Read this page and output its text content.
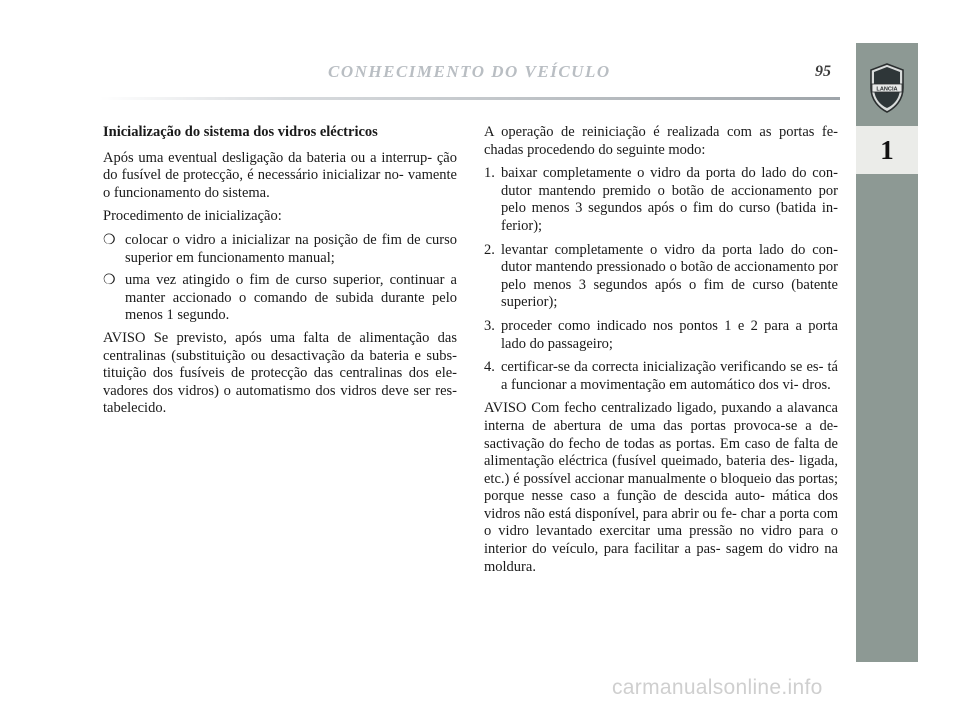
CONHECIMENTO DO VEÍCULO	95
LANCIA
1

Inicialização do sistema dos vidros eléctricos

Após uma eventual desligação da bateria ou a interrup- ção do fusível de protecção, é necessário inicializar no- vamente o funcionamento do sistema.

Procedimento de inicialização:

❍ colocar o vidro a inicializar na posição de fim de curso superior em funcionamento manual;
❍ uma vez atingido o fim de curso superior, continuar a manter accionado o comando de subida durante pelo menos 1 segundo.

AVISO Se previsto, após uma falta de alimentação das centralinas (substituição ou desactivação da bateria e subs- tituição dos fusíveis de protecção das centralinas dos ele- vadores dos vidros) o automatismo dos vidros deve ser res- tabelecido.

A operação de reiniciação é realizada com as portas fe- chadas procedendo do seguinte modo:

1. baixar completamente o vidro da porta do lado do con- dutor mantendo premido o botão de accionamento por pelo menos 3 segundos após o fim do curso (batida in- ferior);
2. levantar completamente o vidro da porta lado do con- dutor mantendo pressionado o botão de accionamento por pelo menos 3 segundos após o fim de curso (batente superior);
3. proceder como indicado nos pontos 1 e 2 para a porta lado do passageiro;
4. certificar-se da correcta inicialização verificando se es- tá a funcionar a movimentação em automático dos vi- dros.

AVISO Com fecho centralizado ligado, puxando a alavanca interna de abertura de uma das portas provoca-se a de- sactivação do fecho de todas as portas. Em caso de falta de alimentação eléctrica (fusível queimado, bateria des- ligada, etc.) é possível accionar manualmente o bloqueio das portas; porque nesse caso a função de descida auto- mática dos vidros não está disponível, para abrir ou fe- char a porta com o vidro levantado exercitar uma pressão no vidro para o interior do veículo, para facilitar a pas- sagem do vidro na moldura.

carmanualsonline.info
